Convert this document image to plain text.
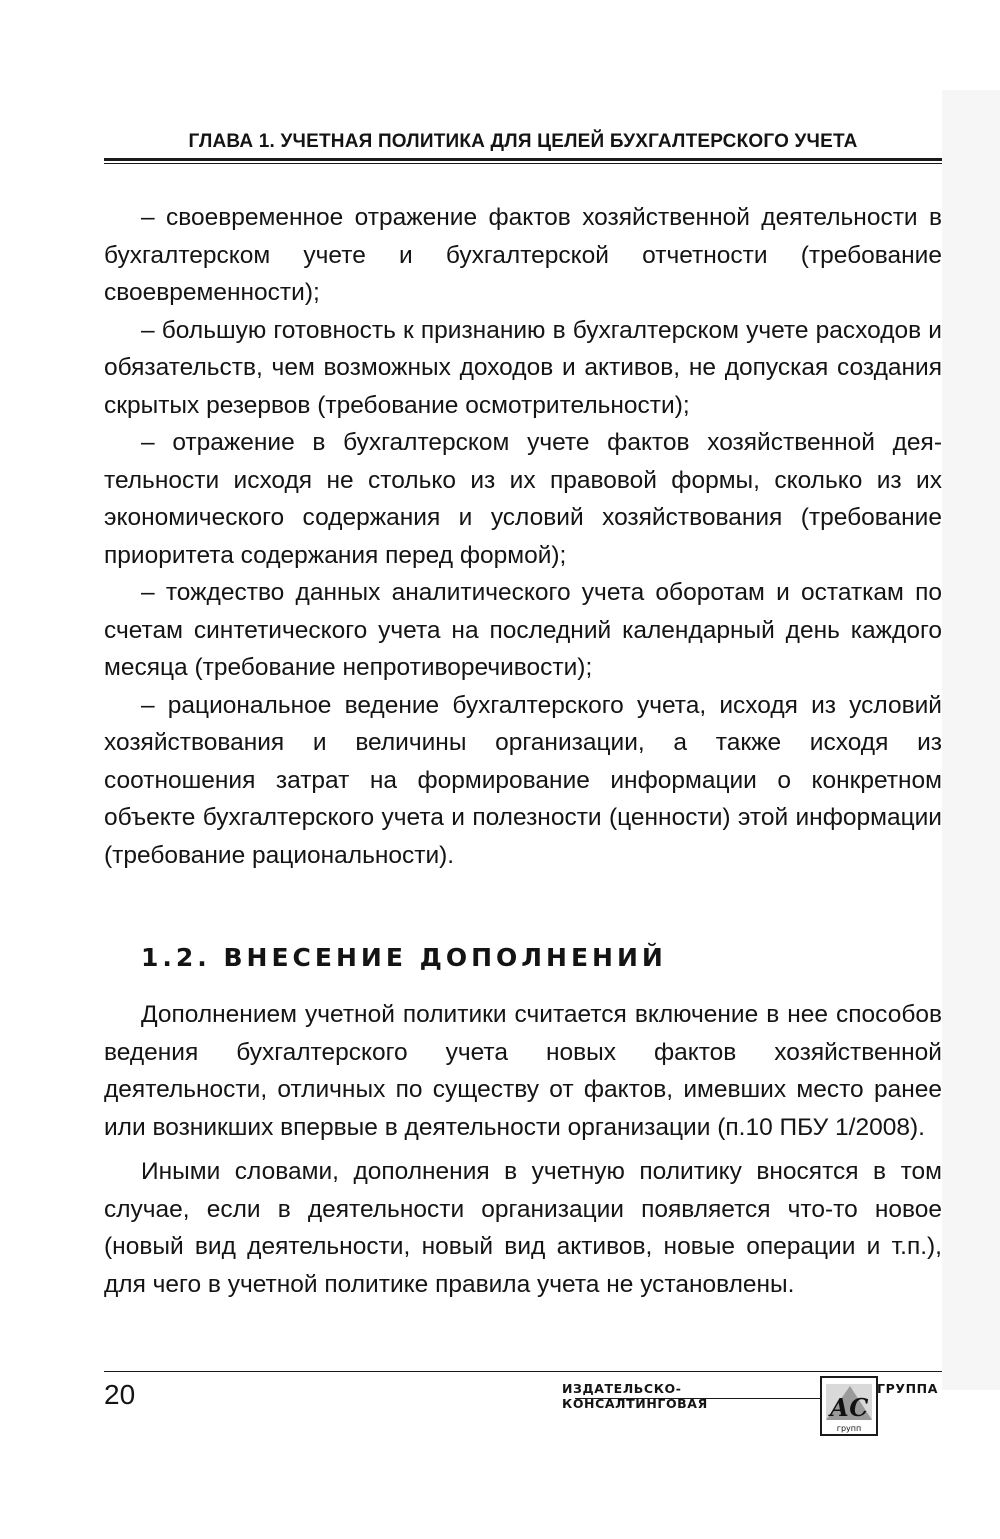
ГЛАВА 1. УЧЕТНАЯ ПОЛИТИКА ДЛЯ ЦЕЛЕЙ БУХГАЛТЕРСКОГО УЧЕТА

– своевременное отражение фактов хозяйственной деятельности в бухгалтерском учете и бухгалтерской отчетности (требование своевременности);

– большую готовность к признанию в бухгалтерском учете расходов и обязательств, чем возможных доходов и активов, не допуская создания скрытых резервов (требование осмотрительности);

– отражение в бухгалтерском учете фактов хозяйственной деятельности исходя не столько из их правовой формы, сколько из их экономического содержания и условий хозяйствования (требование приоритета содержания перед формой);

– тождество данных аналитического учета оборотам и остаткам по счетам синтетического учета на последний календарный день каждого месяца (требование непротиворечивости);

– рациональное ведение бухгалтерского учета, исходя из условий хозяйствования и величины организации, а также исходя из соотношения затрат на формирование информации о конкретном объекте бухгалтерского учета и полезности (ценности) этой информации (требование рациональности).

1.2. ВНЕСЕНИЕ ДОПОЛНЕНИЙ

Дополнением учетной политики считается включение в нее способов ведения бухгалтерского учета новых фактов хозяйственной деятельности, отличных по существу от фактов, имевших место ранее или возникших впервые в деятельности организации (п.10 ПБУ 1/2008).

Иными словами, дополнения в учетную политику вносятся в том случае, если в деятельности организации появляется что-то новое (новый вид деятельности, новый вид активов, новые операции и т.п.), для чего в учетной политике правила учета не установлены.

20	ИЗДАТЕЛЬСКО-КОНСАЛТИНГОВАЯ
ГРУППА
АС
групп
